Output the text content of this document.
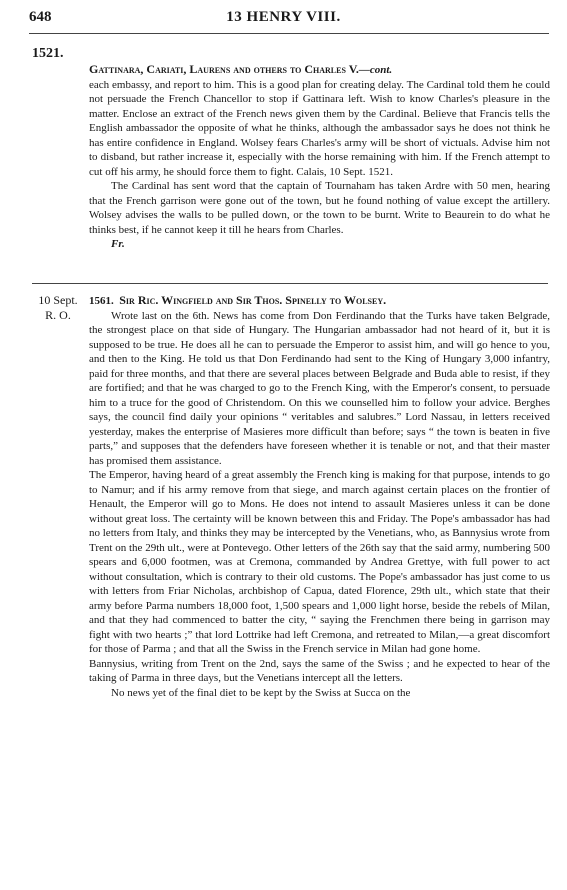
648	13 HENRY VIII.
1521.

Gattinara, Cariati, Laurens and others to Charles V.—cont.

each embassy, and report to him. This is a good plan for creating delay. The Cardinal told them he could not persuade the French Chancellor to stop if Gattinara left. Wish to know Charles's pleasure in the matter. Enclose an extract of the French news given them by the Cardinal. Believe that Francis tells the English ambassador the opposite of what he thinks, although the ambassador says he does not think he has entire confidence in England. Wolsey fears Charles's army will be short of victuals. Advise him not to disband, but rather increase it, especially with the horse remaining with him. If the French attempt to cut off his army, he should force them to fight. Calais, 10 Sept. 1521.

The Cardinal has sent word that the captain of Tournaham has taken Ardre with 50 men, hearing that the French garrison were gone out of the town, but he found nothing of value except the artillery. Wolsey advises the walls to be pulled down, or the town to be burnt. Write to Beaurein to do what he thinks best, if he cannot keep it till he hears from Charles.

Fr.

10 Sept.
R. O.

1561. Sir Ric. Wingfield and Sir Thos. Spinelly to Wolsey.

Wrote last on the 6th. News has come from Don Ferdinando that the Turks have taken Belgrade, the strongest place on that side of Hungary. The Hungarian ambassador had not heard of it, but it is supposed to be true. He does all he can to persuade the Emperor to assist him, and will go hence to you, and then to the King. He told us that Don Ferdinando had sent to the King of Hungary 3,000 infantry, paid for three months, and that there are several places between Belgrade and Buda able to resist, if they are fortified; and that he was charged to go to the French King, with the Emperor's consent, to persuade him to a truce for the good of Christendom. On this we counselled him to follow your advice. Berghes says, the council find daily your opinions “ veritables and salubres.” Lord Nassau, in letters received yesterday, makes the enterprise of Masieres more difficult than before; says “ the town is beaten in five parts,” and supposes that the defenders have foreseen whether it is tenable or not, and that their master has promised them assistance.

The Emperor, having heard of a great assembly the French king is making for that purpose, intends to go to Namur; and if his army remove from that siege, and march against certain places on the frontier of Henault, the Emperor will go to Mons. He does not intend to assault Masieres unless it can be done without great loss. The certainty will be known between this and Friday. The Pope's ambassador has had no letters from Italy, and thinks they may be intercepted by the Venetians, who, as Bannysius wrote from Trent on the 29th ult., were at Pontevego. Other letters of the 26th say that the said army, numbering 500 spears and 6,000 footmen, was at Cremona, commanded by Andrea Grettye, with full power to act without consultation, which is contrary to their old customs. The Pope's ambassador has just come to us with letters from Friar Nicholas, archbishop of Capua, dated Florence, 29th ult., which state that their army before Parma numbers 18,000 foot, 1,500 spears and 1,000 light horse, beside the rebels of Milan, and that they had commenced to batter the city, “ saying the Frenchmen there being in garrison may fight with two hearts ;” that lord Lottrike had left Cremona, and retreated to Milan,—a great discomfort for those of Parma ; and that all the Swiss in the French service in Milan had gone home.

Bannysius, writing from Trent on the 2nd, says the same of the Swiss ; and he expected to hear of the taking of Parma in three days, but the Venetians intercept all the letters.

No news yet of the final diet to be kept by the Swiss at Succa on the
